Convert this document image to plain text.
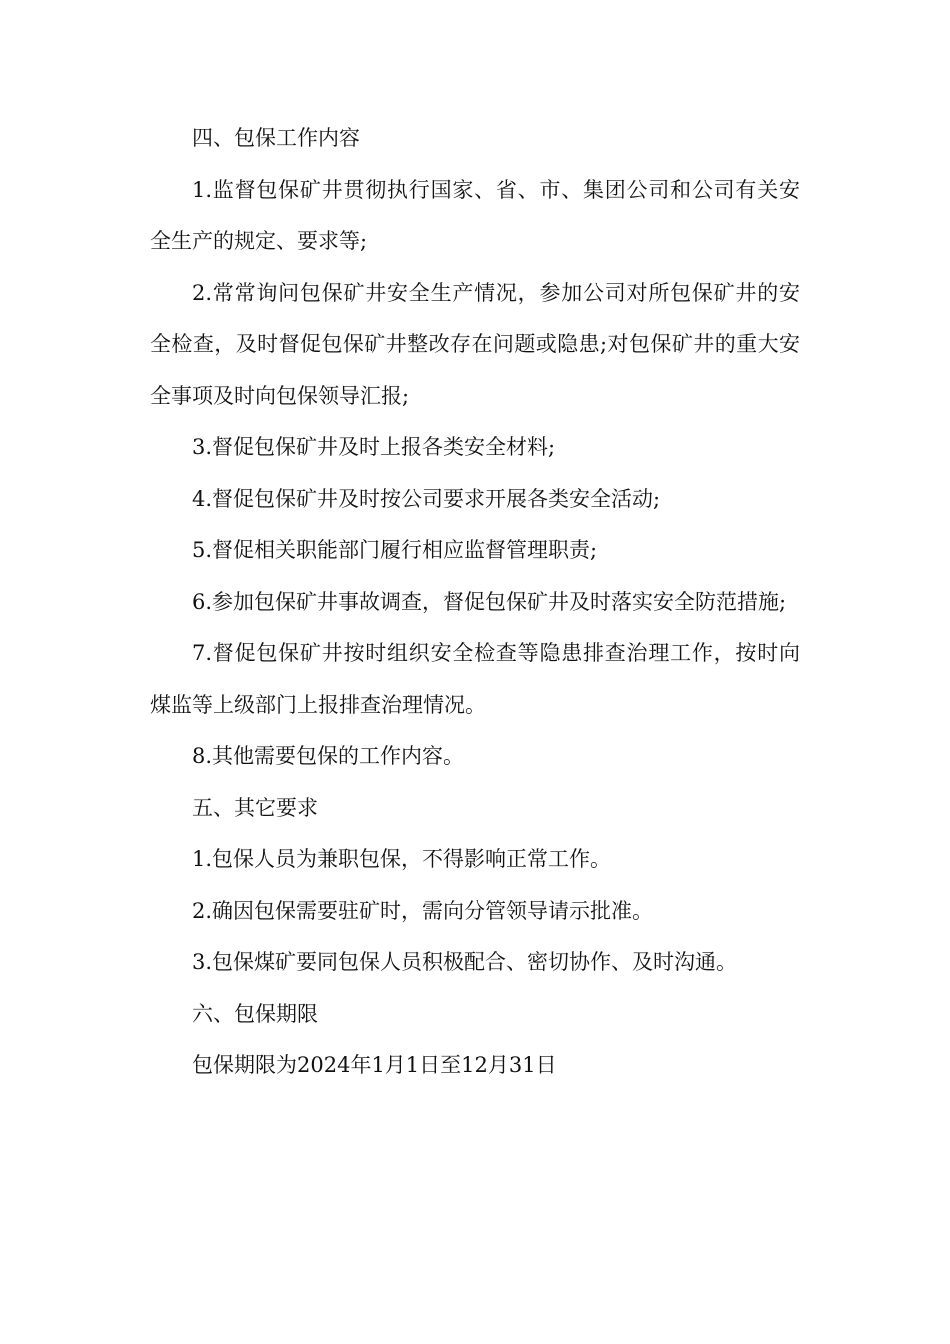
四、包保工作内容

1.监督包保矿井贯彻执行国家、省、市、集团公司和公司有关安全生产的规定、要求等;

2.常常询问包保矿井安全生产情况，参加公司对所包保矿井的安全检查，及时督促包保矿井整改存在问题或隐患;对包保矿井的重大安全事项及时向包保领导汇报;

3.督促包保矿井及时上报各类安全材料;

4.督促包保矿井及时按公司要求开展各类安全活动;

5.督促相关职能部门履行相应监督管理职责;

6.参加包保矿井事故调查，督促包保矿井及时落实安全防范措施;

7.督促包保矿井按时组织安全检查等隐患排查治理工作，按时向煤监等上级部门上报排查治理情况。

8.其他需要包保的工作内容。

五、其它要求

1.包保人员为兼职包保，不得影响正常工作。

2.确因包保需要驻矿时，需向分管领导请示批准。

3.包保煤矿要同包保人员积极配合、密切协作、及时沟通。

六、包保期限

包保期限为2024年1月1日至12月31日
